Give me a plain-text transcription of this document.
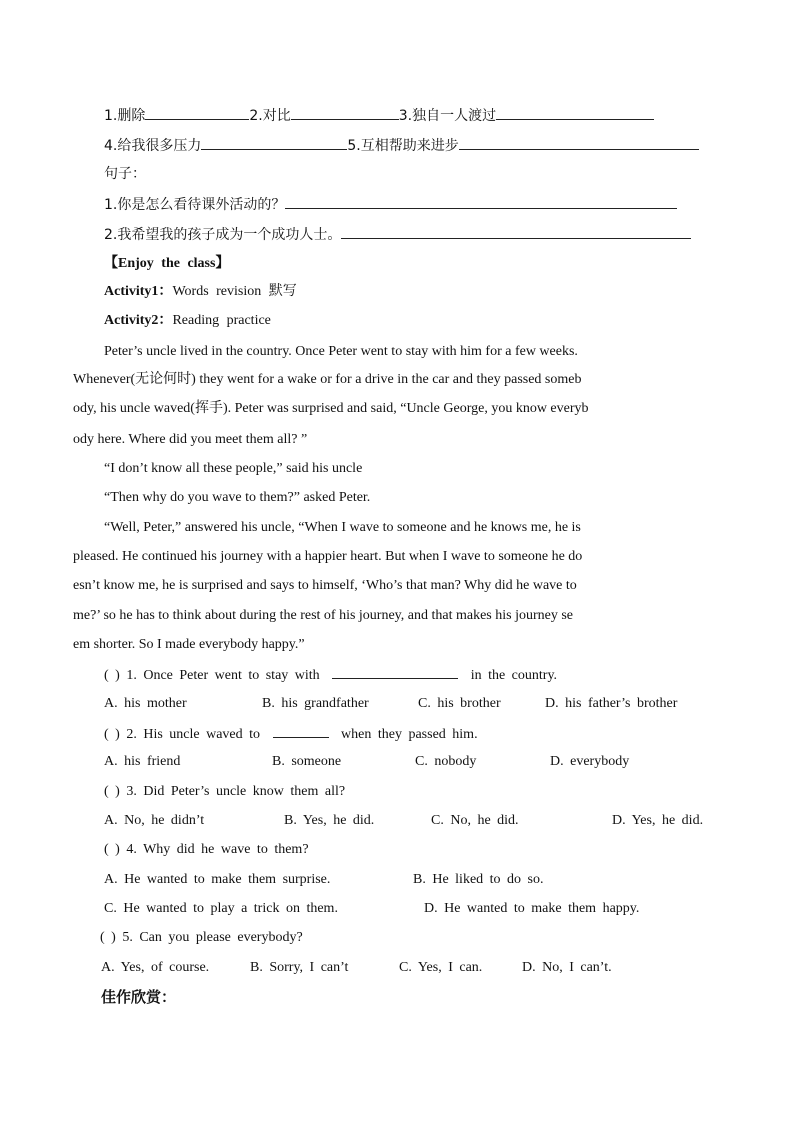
1.删除	2.对比	3.独自一人渡过
4.给我很多压力	5.互相帮助来进步
句子：
1.你是怎么看待课外活动的？
2.我希望我的孩子成为一个成功人士。
【Enjoy the class】
Activity1：Words revision 默写
Activity2：Reading practice
Peter’s uncle lived in the country. Once Peter went to stay with him for a few weeks.
Whenever(无论何时) they went for a wake or for a drive in the car and they passed someb
ody, his uncle waved(挥手). Peter was surprised and said, “Uncle George, you know everyb
ody here. Where did you meet them all? ”
“I don’t know all these people,” said his uncle
“Then why do you wave to them?” asked Peter.
“Well, Peter,” answered his uncle, “When I wave to someone and he knows me, he is
pleased. He continued his journey with a happier heart. But when I wave to someone he do
esn’t know me, he is surprised and says to himself, ‘Who’s that man? Why did he wave to
me?’ so he has to think about during the rest of his journey, and that makes his journey se
em shorter. So I made everybody happy.”
( ) 1. Once Peter went to stay with	in the country.
A. his mother	B. his grandfather	C. his brother	D. his father’s brother
( ) 2. His uncle waved to	when they passed him.
A. his friend	B. someone	C. nobody	D. everybody
( ) 3. Did Peter’s uncle know them all?
A. No, he didn’t	B. Yes, he did.	C. No, he did.	D. Yes, he did.
( ) 4. Why did he wave to them?
A. He wanted to make them surprise.	B. He liked to do so.
C. He wanted to play a trick on them.	D. He wanted to make them happy.
( ) 5. Can you please everybody?
A. Yes, of course.	B. Sorry, I can’t	C. Yes, I can.	D. No, I can’t.
佳作欣赏：
